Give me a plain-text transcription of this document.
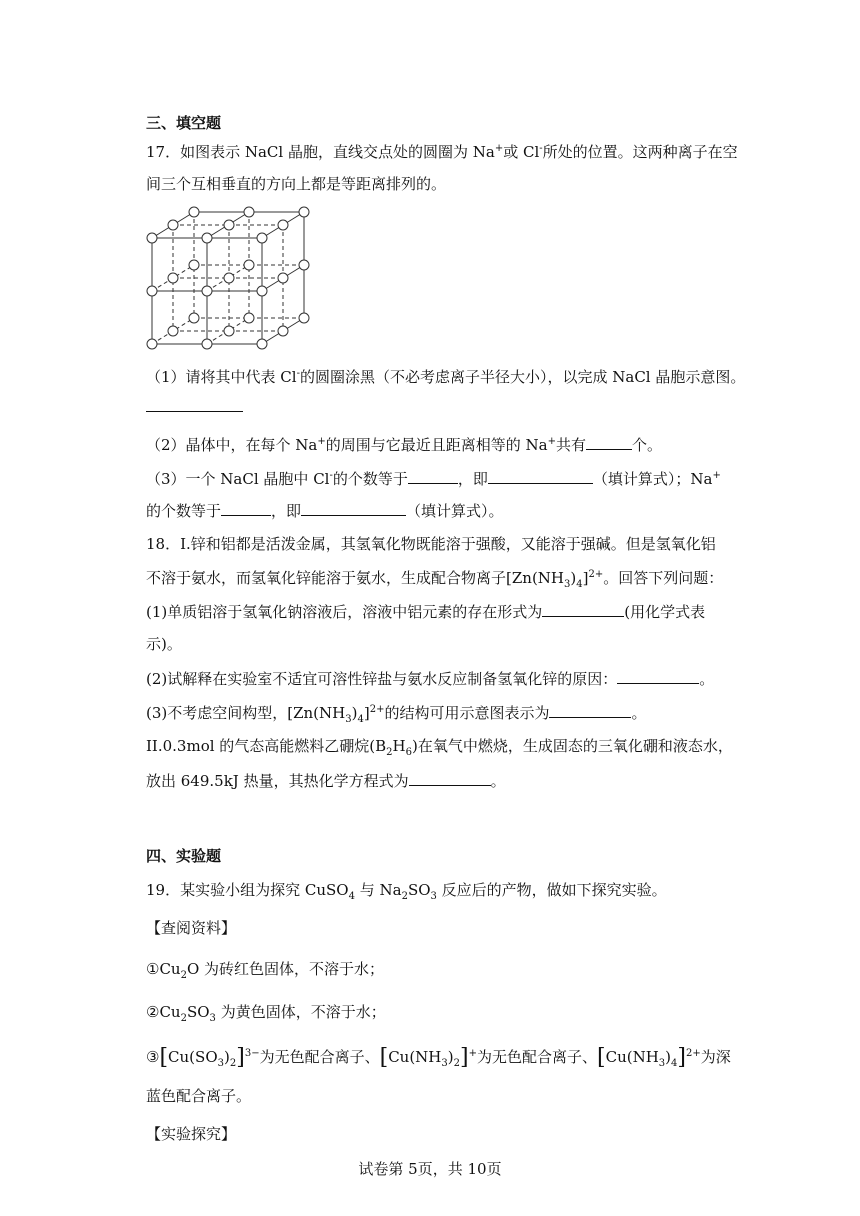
三、填空题
17．如图表示 NaCl 晶胞，直线交点处的圆圈为 Na+或 Cl-所处的位置。这两种离子在空
间三个互相垂直的方向上都是等距离排列的。
（1）请将其中代表 Cl-的圆圈涂黑（不必考虑离子半径大小），以完成 NaCl 晶胞示意图。
（2）晶体中，在每个 Na+的周围与它最近且距离相等的 Na+共有	个。
（3）一个 NaCl 晶胞中 Cl-的个数等于	，即	（填计算式）；Na+
的个数等于	，即	（填计算式）。
18．I.锌和铝都是活泼金属，其氢氧化物既能溶于强酸，又能溶于强碱。但是氢氧化铝
不溶于氨水，而氢氧化锌能溶于氨水，生成配合物离子$[Zn(NH_3)_4]^{2+}$。回答下列问题：
(1)单质铝溶于氢氧化钠溶液后，溶液中铝元素的存在形式为	(用化学式表
示)。
(2)试解释在实验室不适宜可溶性锌盐与氨水反应制备氢氧化锌的原因：	。
(3)不考虑空间构型，$[Zn(NH_3)_4]^{2+}$的结构可用示意图表示为	。
II.0.3mol 的气态高能燃料乙硼烷$(B_2H_6)$在氧气中燃烧，生成固态的三氧化硼和液态水，
放出 649.5kJ 热量，其热化学方程式为	。
四、实验题
19．某实验小组为探究 CuSO$_4$ 与 $Na_2SO_3$ 反应后的产物，做如下探究实验。
【查阅资料】
$①Cu_2O$ 为砖红色固体，不溶于水；
$②Cu_2SO_3$ 为黄色固体，不溶于水；
$③[Cu(SO_3)_2]^{3-}$为无色配合离子、$[Cu(NH_3)_2]^+$为无色配合离子、$[Cu(NH_3)_4]^{2+}$为深
蓝色配合离子。
【实验探究】
试卷第 5页，共 10页
